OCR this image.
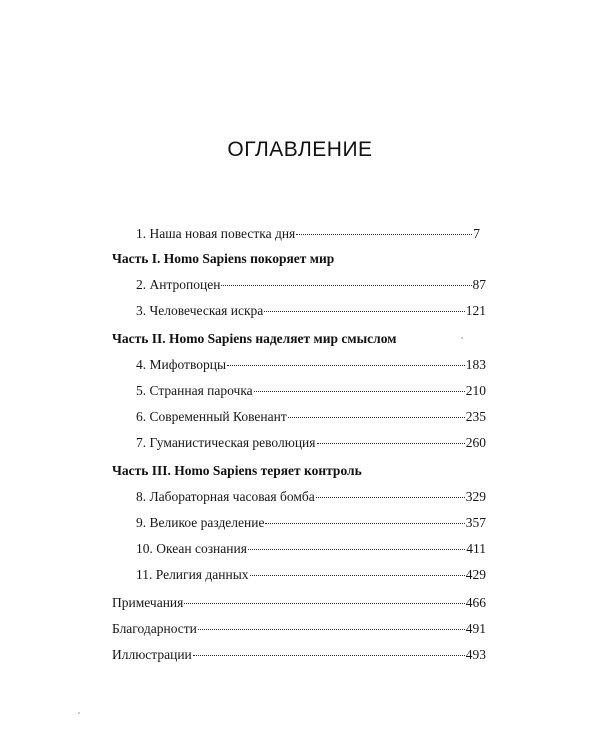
ОГЛАВЛЕНИЕ
1. Наша новая повестка дня	7
Часть I. Homo Sapiens покоряет мир
2. Антропоцен	87
3. Человеческая искра	121
Часть II. Homo Sapiens наделяет мир смыслом
4. Мифотворцы	183
5. Странная парочка	210
6. Современный Ковенант	235
7. Гуманистическая революция	260
Часть III. Homo Sapiens теряет контроль
8. Лабораторная часовая бомба	329
9. Великое разделение	357
10. Океан сознания	411
11. Религия данных	429
Примечания	466
Благодарности	491
Иллюстрации	493
